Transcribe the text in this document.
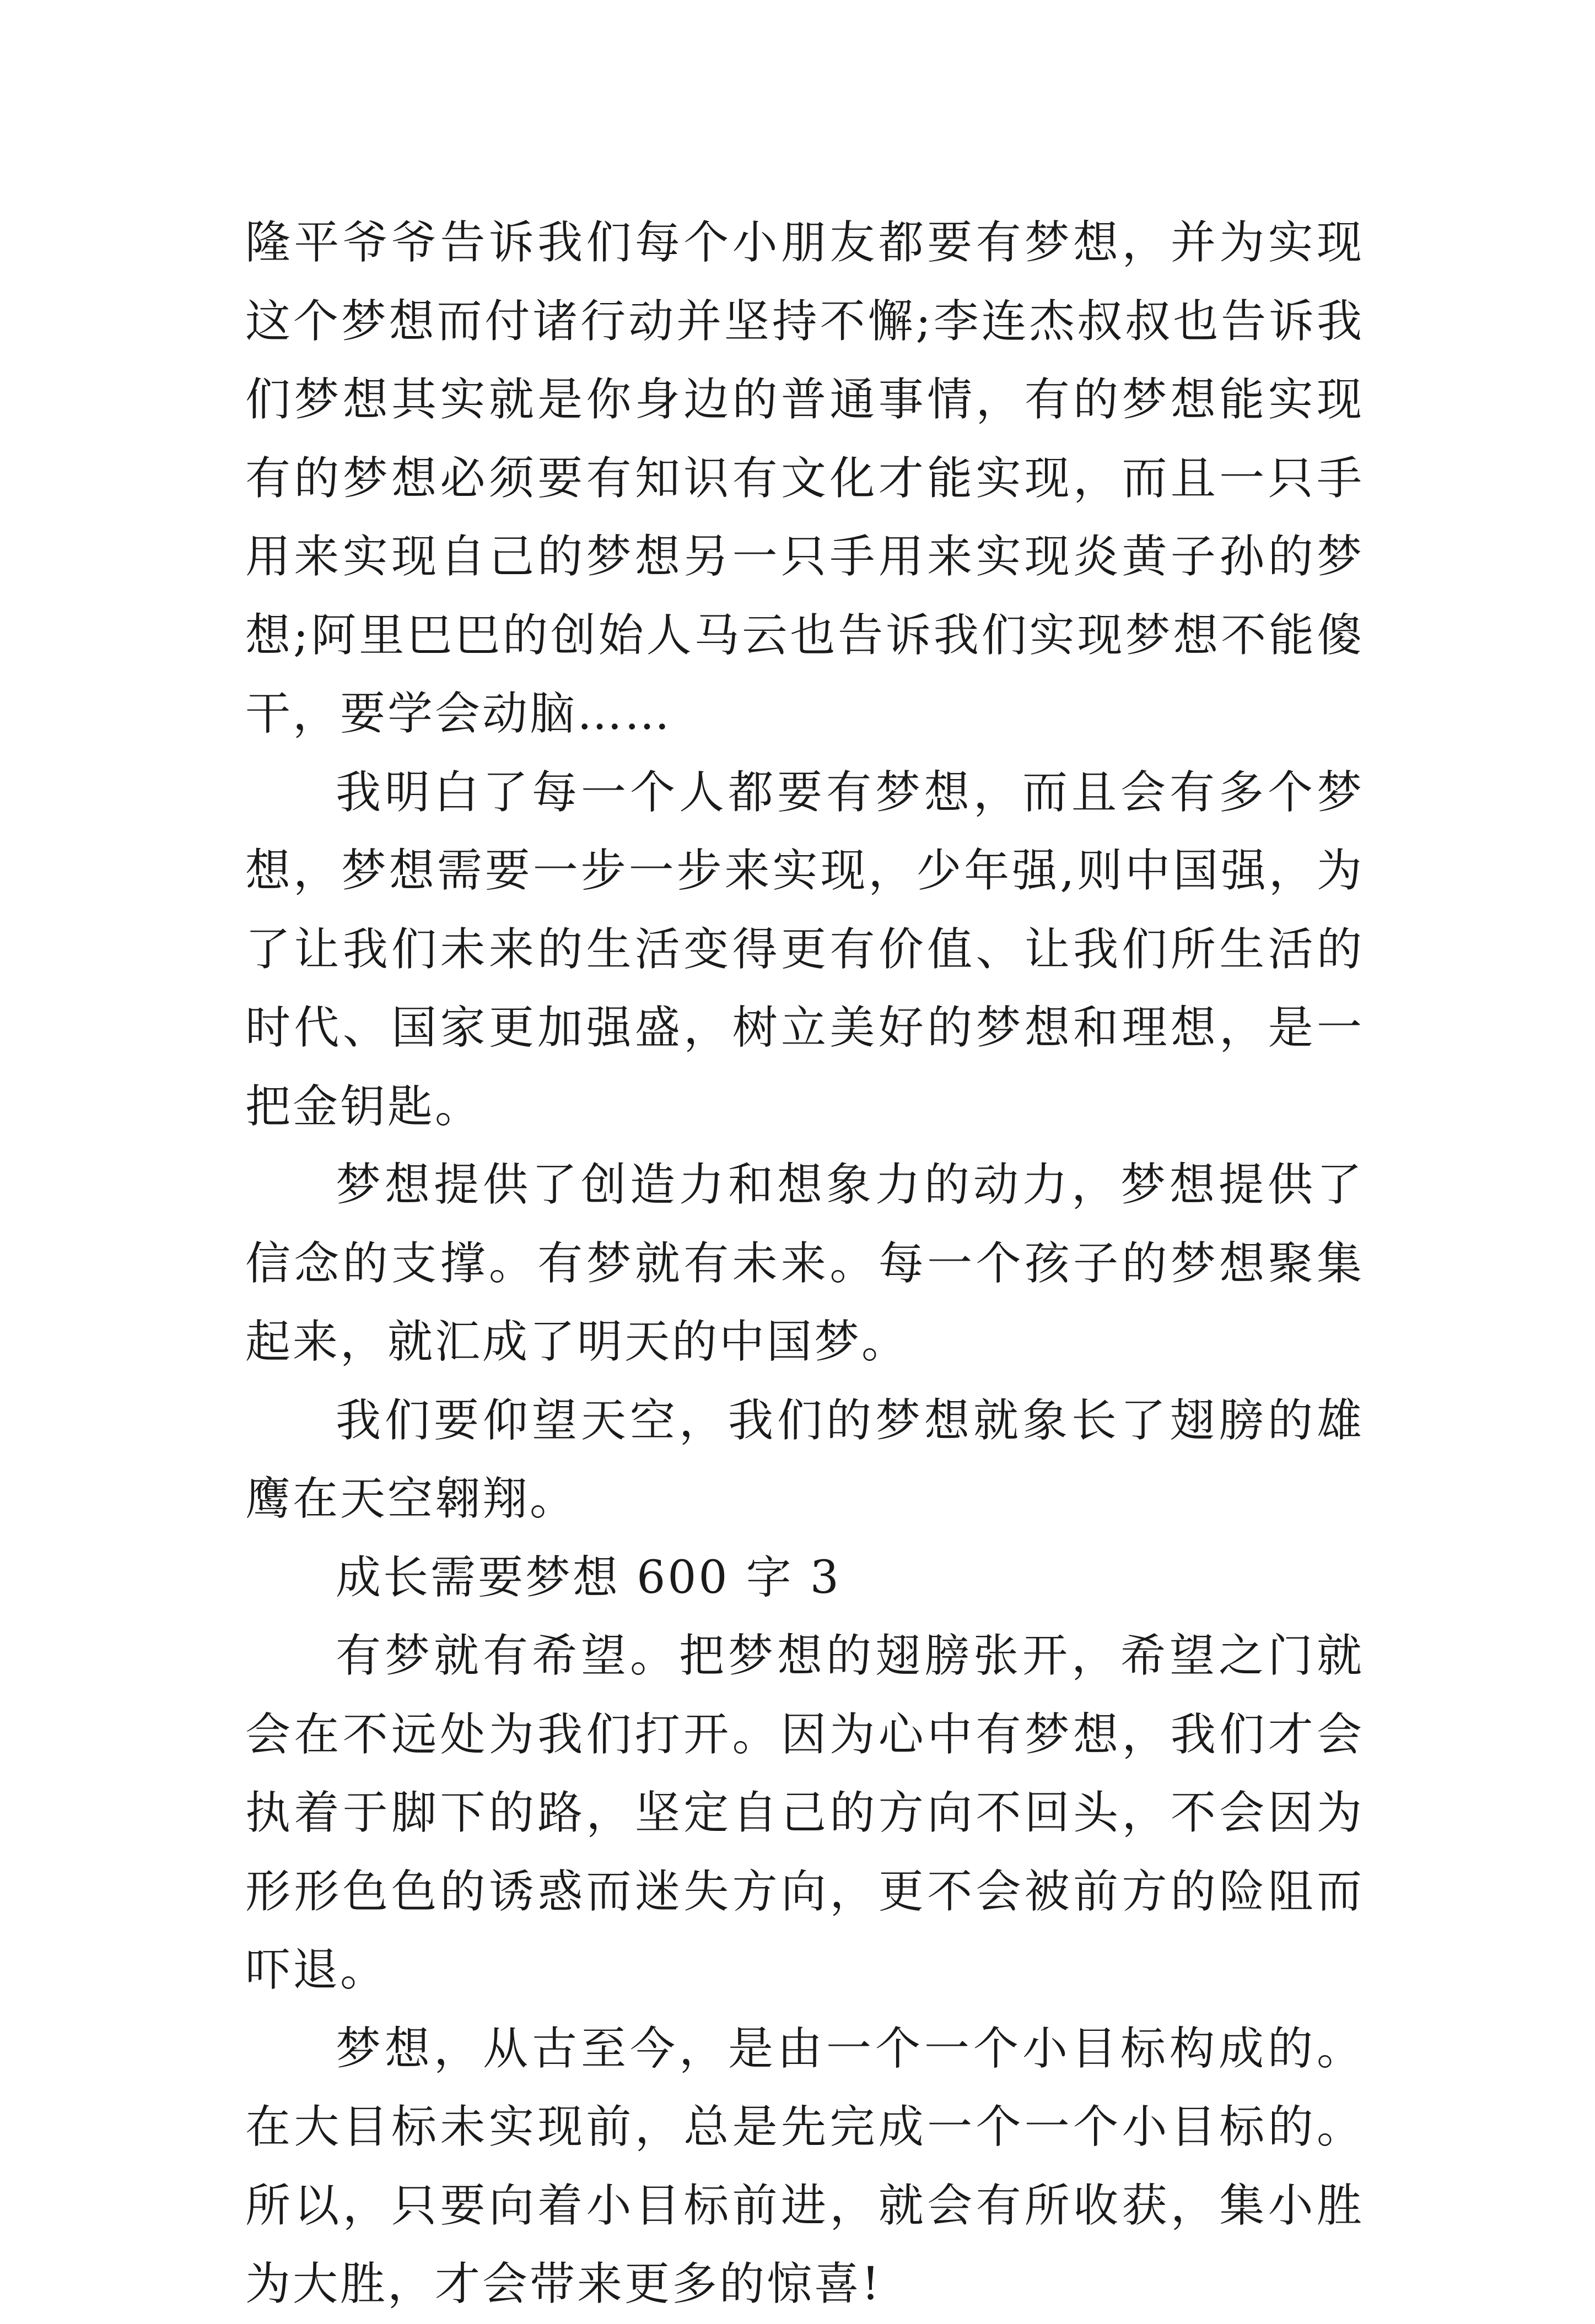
隆平爷爷告诉我们每个小朋友都要有梦想，并为实现这个梦想而付诸行动并坚持不懈;李连杰叔叔也告诉我们梦想其实就是你身边的普通事情，有的梦想能实现有的梦想必须要有知识有文化才能实现，而且一只手用来实现自己的梦想另一只手用来实现炎黄子孙的梦想;阿里巴巴的创始人马云也告诉我们实现梦想不能傻干，要学会动脑……

我明白了每一个人都要有梦想，而且会有多个梦想，梦想需要一步一步来实现，少年强,则中国强，为了让我们未来的生活变得更有价值、让我们所生活的时代、国家更加强盛，树立美好的梦想和理想，是一把金钥匙。

梦想提供了创造力和想象力的动力，梦想提供了信念的支撑。有梦就有未来。每一个孩子的梦想聚集起来，就汇成了明天的中国梦。

我们要仰望天空，我们的梦想就象长了翅膀的雄鹰在天空翱翔。

成长需要梦想 600 字 3

有梦就有希望。把梦想的翅膀张开，希望之门就会在不远处为我们打开。因为心中有梦想，我们才会执着于脚下的路，坚定自己的方向不回头，不会因为形形色色的诱惑而迷失方向，更不会被前方的险阻而吓退。

梦想，从古至今，是由一个一个小目标构成的。在大目标未实现前，总是先完成一个一个小目标的。所以，只要向着小目标前进，就会有所收获，集小胜为大胜，才会带来更多的惊喜!
